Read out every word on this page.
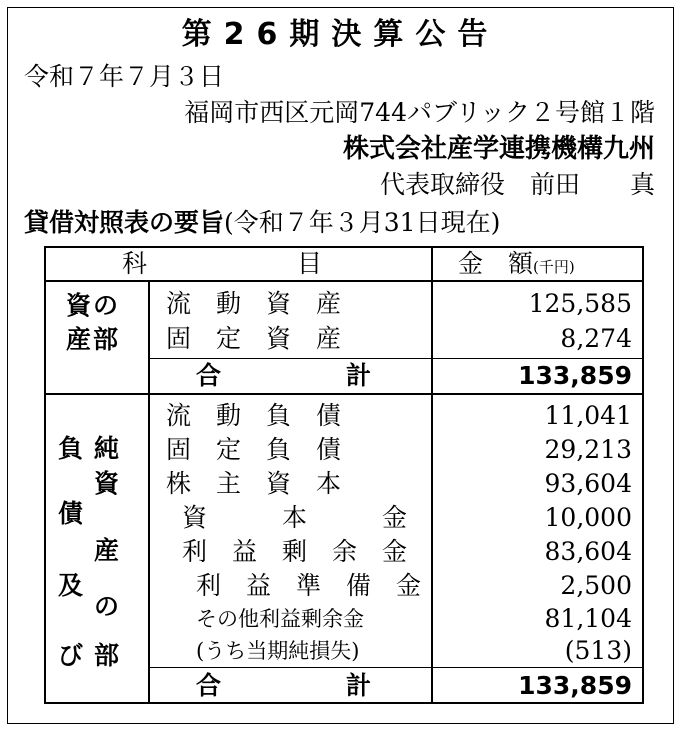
第26期決算公告
令和７年７月３日
福岡市西区元岡744パブリック２号館１階
株式会社産学連携機構九州
代表取締役　前田　　真
貸借対照表の要旨(令和７年３月31日現在)
科　　　　　　目	金　額(千円)
資の
産部
流　動　資　産	125,585
固　定　資　産	8,274
合　　　　　計	133,859
負
債
及
び
純
資
産
の
部
流　動　負　債	11,041
固　定　負　債	29,213
株　主　資　本	93,604
資　　　本　　　金	10,000
利　益　剰　余　金	83,604
利　益　準　備　金	2,500
その他利益剰余金	81,104
(うち当期純損失)	(513)
合　　　　　計	133,859
